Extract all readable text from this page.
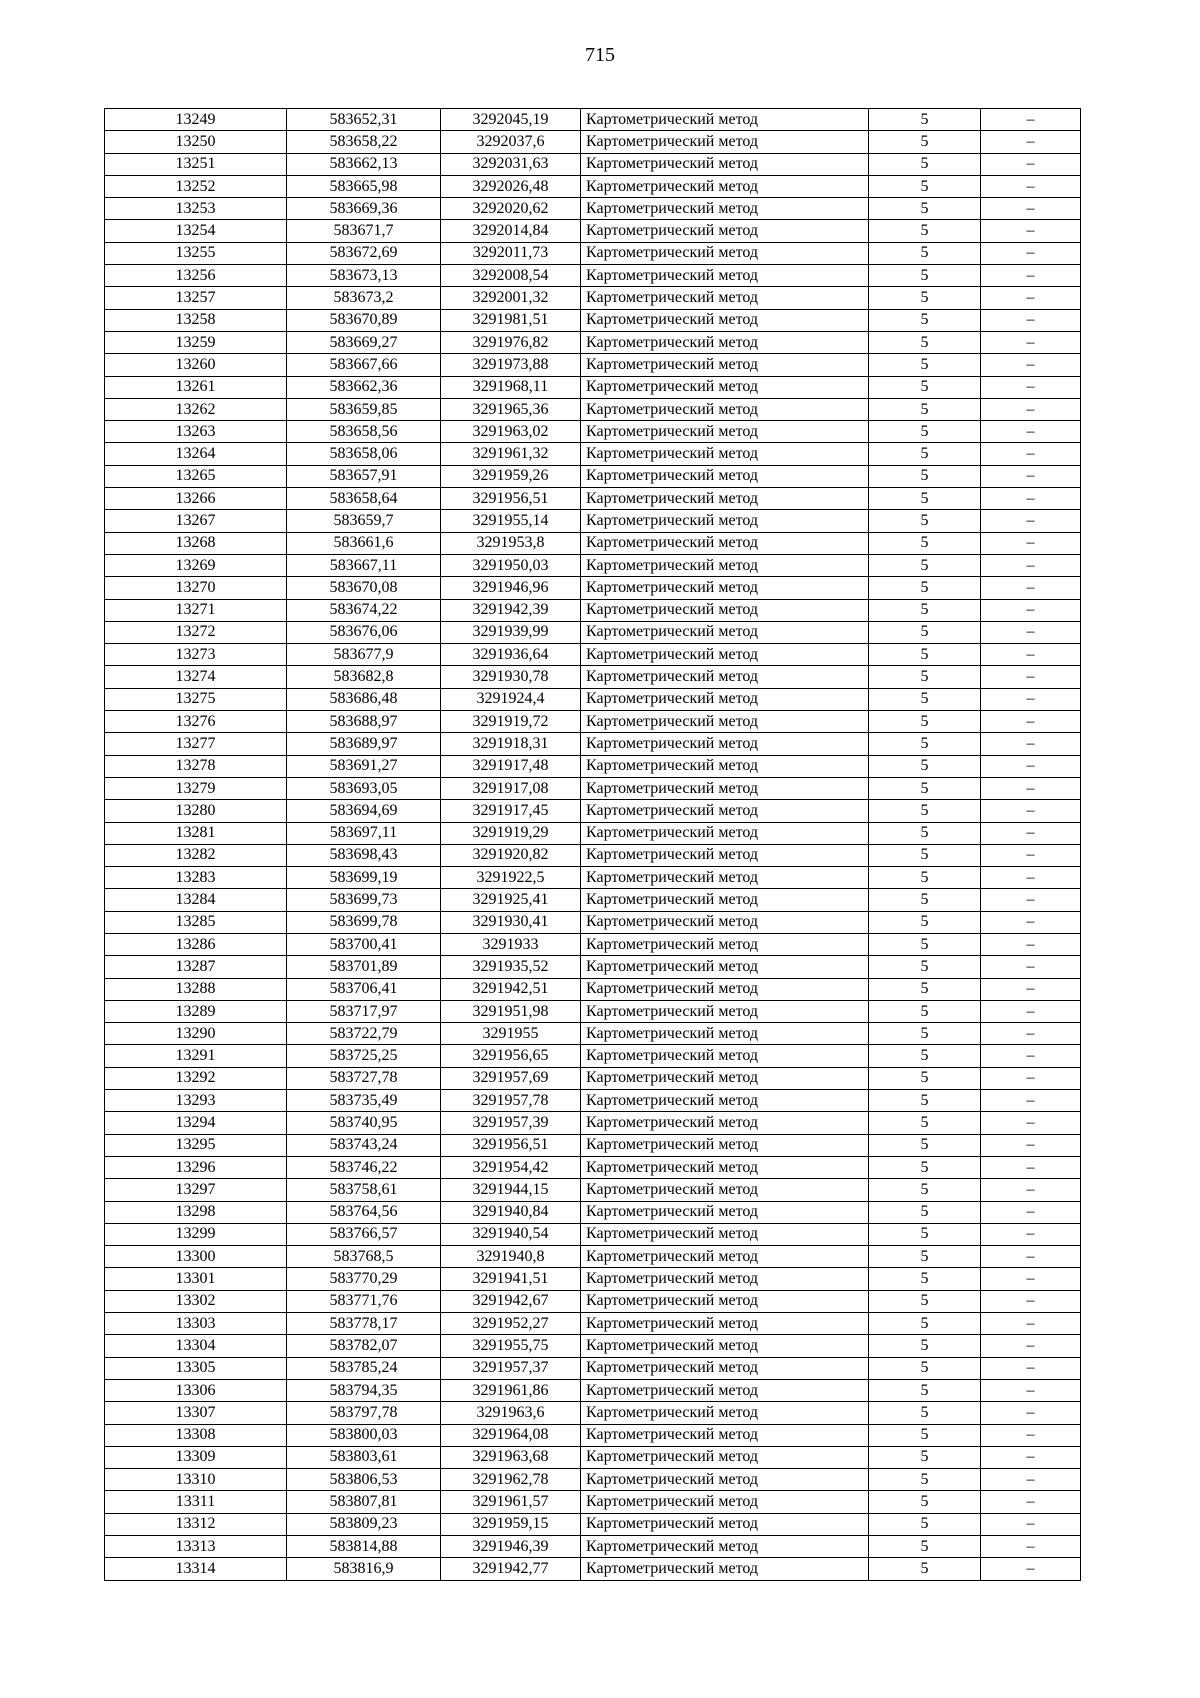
715
13249	583652,31	3292045,19	Картометрический метод	5	–
13250	583658,22	3292037,6	Картометрический метод	5	–
13251	583662,13	3292031,63	Картометрический метод	5	–
13252	583665,98	3292026,48	Картометрический метод	5	–
13253	583669,36	3292020,62	Картометрический метод	5	–
13254	583671,7	3292014,84	Картометрический метод	5	–
13255	583672,69	3292011,73	Картометрический метод	5	–
13256	583673,13	3292008,54	Картометрический метод	5	–
13257	583673,2	3292001,32	Картометрический метод	5	–
13258	583670,89	3291981,51	Картометрический метод	5	–
13259	583669,27	3291976,82	Картометрический метод	5	–
13260	583667,66	3291973,88	Картометрический метод	5	–
13261	583662,36	3291968,11	Картометрический метод	5	–
13262	583659,85	3291965,36	Картометрический метод	5	–
13263	583658,56	3291963,02	Картометрический метод	5	–
13264	583658,06	3291961,32	Картометрический метод	5	–
13265	583657,91	3291959,26	Картометрический метод	5	–
13266	583658,64	3291956,51	Картометрический метод	5	–
13267	583659,7	3291955,14	Картометрический метод	5	–
13268	583661,6	3291953,8	Картометрический метод	5	–
13269	583667,11	3291950,03	Картометрический метод	5	–
13270	583670,08	3291946,96	Картометрический метод	5	–
13271	583674,22	3291942,39	Картометрический метод	5	–
13272	583676,06	3291939,99	Картометрический метод	5	–
13273	583677,9	3291936,64	Картометрический метод	5	–
13274	583682,8	3291930,78	Картометрический метод	5	–
13275	583686,48	3291924,4	Картометрический метод	5	–
13276	583688,97	3291919,72	Картометрический метод	5	–
13277	583689,97	3291918,31	Картометрический метод	5	–
13278	583691,27	3291917,48	Картометрический метод	5	–
13279	583693,05	3291917,08	Картометрический метод	5	–
13280	583694,69	3291917,45	Картометрический метод	5	–
13281	583697,11	3291919,29	Картометрический метод	5	–
13282	583698,43	3291920,82	Картометрический метод	5	–
13283	583699,19	3291922,5	Картометрический метод	5	–
13284	583699,73	3291925,41	Картометрический метод	5	–
13285	583699,78	3291930,41	Картометрический метод	5	–
13286	583700,41	3291933	Картометрический метод	5	–
13287	583701,89	3291935,52	Картометрический метод	5	–
13288	583706,41	3291942,51	Картометрический метод	5	–
13289	583717,97	3291951,98	Картометрический метод	5	–
13290	583722,79	3291955	Картометрический метод	5	–
13291	583725,25	3291956,65	Картометрический метод	5	–
13292	583727,78	3291957,69	Картометрический метод	5	–
13293	583735,49	3291957,78	Картометрический метод	5	–
13294	583740,95	3291957,39	Картометрический метод	5	–
13295	583743,24	3291956,51	Картометрический метод	5	–
13296	583746,22	3291954,42	Картометрический метод	5	–
13297	583758,61	3291944,15	Картометрический метод	5	–
13298	583764,56	3291940,84	Картометрический метод	5	–
13299	583766,57	3291940,54	Картометрический метод	5	–
13300	583768,5	3291940,8	Картометрический метод	5	–
13301	583770,29	3291941,51	Картометрический метод	5	–
13302	583771,76	3291942,67	Картометрический метод	5	–
13303	583778,17	3291952,27	Картометрический метод	5	–
13304	583782,07	3291955,75	Картометрический метод	5	–
13305	583785,24	3291957,37	Картометрический метод	5	–
13306	583794,35	3291961,86	Картометрический метод	5	–
13307	583797,78	3291963,6	Картометрический метод	5	–
13308	583800,03	3291964,08	Картометрический метод	5	–
13309	583803,61	3291963,68	Картометрический метод	5	–
13310	583806,53	3291962,78	Картометрический метод	5	–
13311	583807,81	3291961,57	Картометрический метод	5	–
13312	583809,23	3291959,15	Картометрический метод	5	–
13313	583814,88	3291946,39	Картометрический метод	5	–
13314	583816,9	3291942,77	Картометрический метод	5	–
